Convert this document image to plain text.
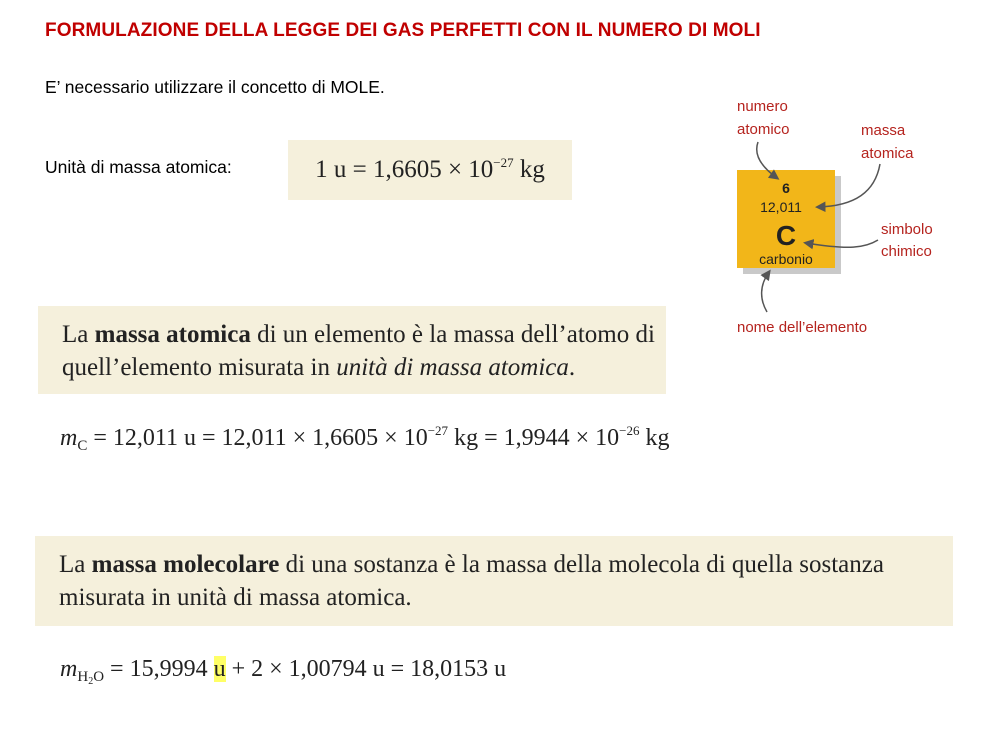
FORMULAZIONE DELLA LEGGE DEI GAS PERFETTI CON IL NUMERO DI MOLI
E’ necessario utilizzare il concetto di MOLE.
Unità di massa atomica:	1 $u = 1,6605 \times 10^{-27}$ kg
6
12,011
C
carbonio
numero
atomico	massa
atomica
simbolo
chimico
nome dell’elemento
La massa atomica di un elemento è la massa dell’atomo di quell’elemento misurata in unità di massa atomica.
$m_C = 12,011$ $u = 12,011 \times 1,6605 \times 10^{-27}$ kg = $1,9944 \times 10^{-26}$ kg
La massa molecolare di una sostanza è la massa della molecola di quella sostanza misurata in unità di massa atomica.
$m_{H_2O} = 15,9994$ u + 2 × 1,00794 u = 18,0153 u
